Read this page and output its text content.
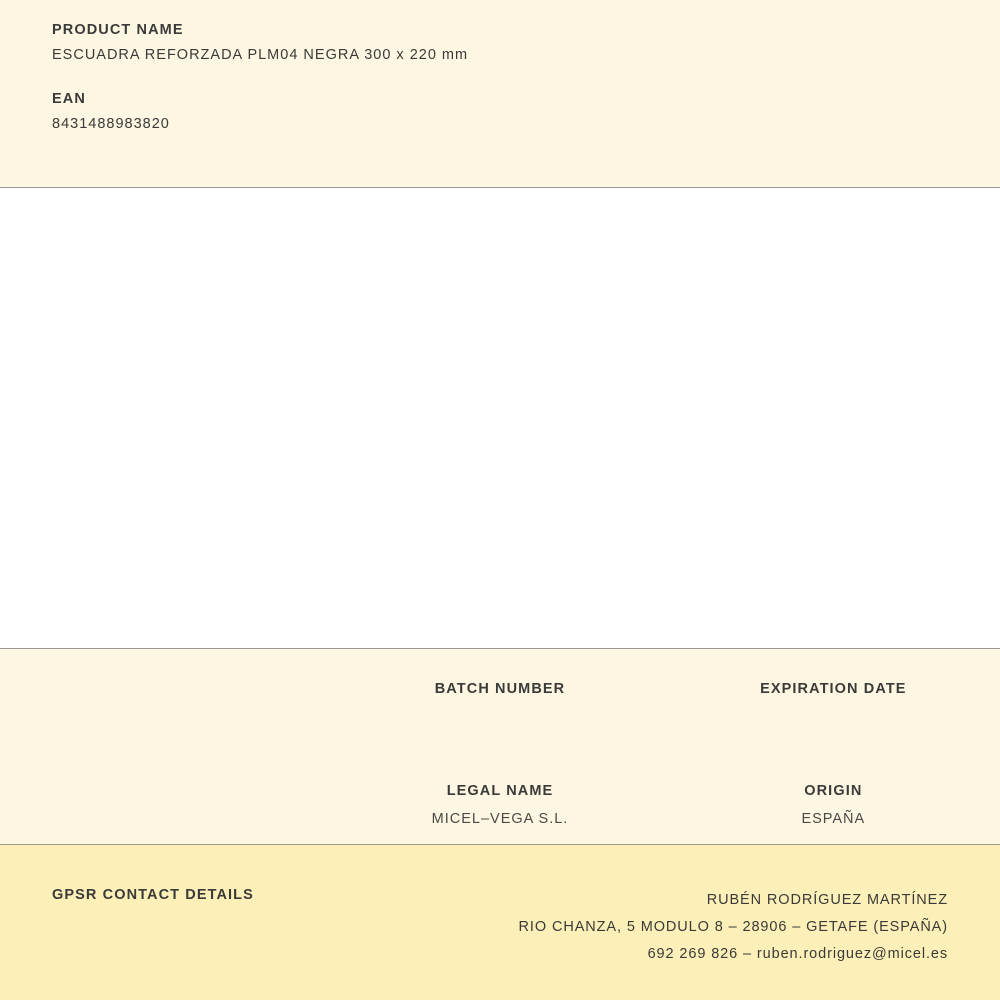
PRODUCT NAME
ESCUADRA REFORZADA PLM04 NEGRA 300 x 220 mm
EAN
8431488983820
BATCH NUMBER	EXPIRATION DATE
LEGAL NAME
MICEL–VEGA S.L.
ORIGIN
ESPAÑA
GPSR CONTACT DETAILS	RUBÉN RODRÍGUEZ MARTÍNEZ
RIO CHANZA, 5 MODULO 8 – 28906 – GETAFE (ESPAÑA)
692 269 826 – ruben.rodriguez@micel.es
